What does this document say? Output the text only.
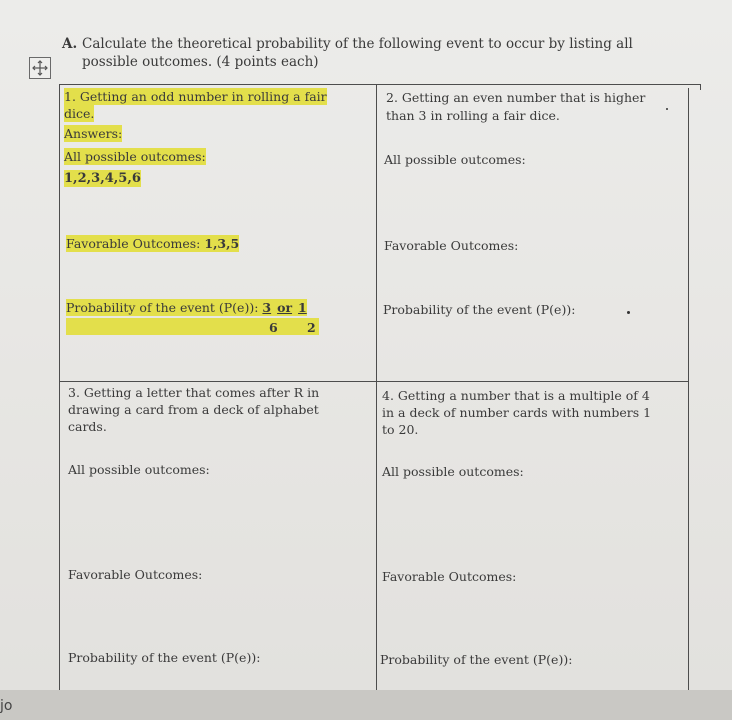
A. Calculate the theoretical probability of the following event to occur by listing all possible outcomes. (4 points each)

1. Getting an odd number in rolling a fair

dice.

Answers:

All possible outcomes:

1,2,3,4,5,6

Favorable Outcomes: 1,3,5

Probability of the event (P(e)): 3 or 1

6 2

2. Getting an even number that is higher

than 3 in rolling a fair dice.

All possible outcomes:

Favorable Outcomes:

Probability of the event (P(e)):

3. Getting a letter that comes after R in

drawing a card from a deck of alphabet

cards.

All possible outcomes:

Favorable Outcomes:

Probability of the event (P(e)):

4. Getting a number that is a multiple of 4

in a deck of number cards with numbers 1

to 20.

All possible outcomes:

Favorable Outcomes:

Probability of the event (P(e)):

jo
